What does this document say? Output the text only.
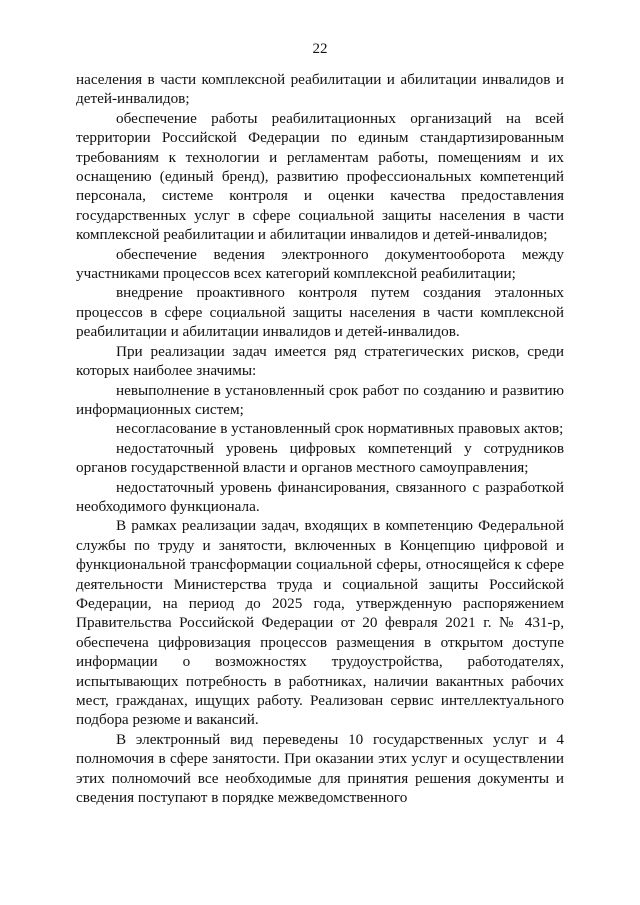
22

населения в части комплексной реабилитации и абилитации инвалидов и детей-инвалидов;

обеспечение работы реабилитационных организаций на всей территории Российской Федерации по единым стандартизированным требованиям к технологии и регламентам работы, помещениям и их оснащению (единый бренд), развитию профессиональных компетенций персонала, системе контроля и оценки качества предоставления государственных услуг в сфере социальной защиты населения в части комплексной реабилитации и абилитации инвалидов и детей-инвалидов;

обеспечение ведения электронного документооборота между участниками процессов всех категорий комплексной реабилитации;

внедрение проактивного контроля путем создания эталонных процессов в сфере социальной защиты населения в части комплексной реабилитации и абилитации инвалидов и детей-инвалидов.

При реализации задач имеется ряд стратегических рисков, среди которых наиболее значимы:

невыполнение в установленный срок работ по созданию и развитию информационных систем;

несогласование в установленный срок нормативных правовых актов;

недостаточный уровень цифровых компетенций у сотрудников органов государственной власти и органов местного самоуправления;

недостаточный уровень финансирования, связанного с разработкой необходимого функционала.

В рамках реализации задач, входящих в компетенцию Федеральной службы по труду и занятости, включенных в Концепцию цифровой и функциональной трансформации социальной сферы, относящейся к сфере деятельности Министерства труда и социальной защиты Российской Федерации, на период до 2025 года, утвержденную распоряжением Правительства Российской Федерации от 20 февраля 2021 г. № 431-р, обеспечена цифровизация процессов размещения в открытом доступе информации о возможностях трудоустройства, работодателях, испытывающих потребность в работниках, наличии вакантных рабочих мест, гражданах, ищущих работу. Реализован сервис интеллектуального подбора резюме и вакансий.

В электронный вид переведены 10 государственных услуг и 4 полномочия в сфере занятости. При оказании этих услуг и осуществлении этих полномочий все необходимые для принятия решения документы и сведения поступают в порядке межведомственного
